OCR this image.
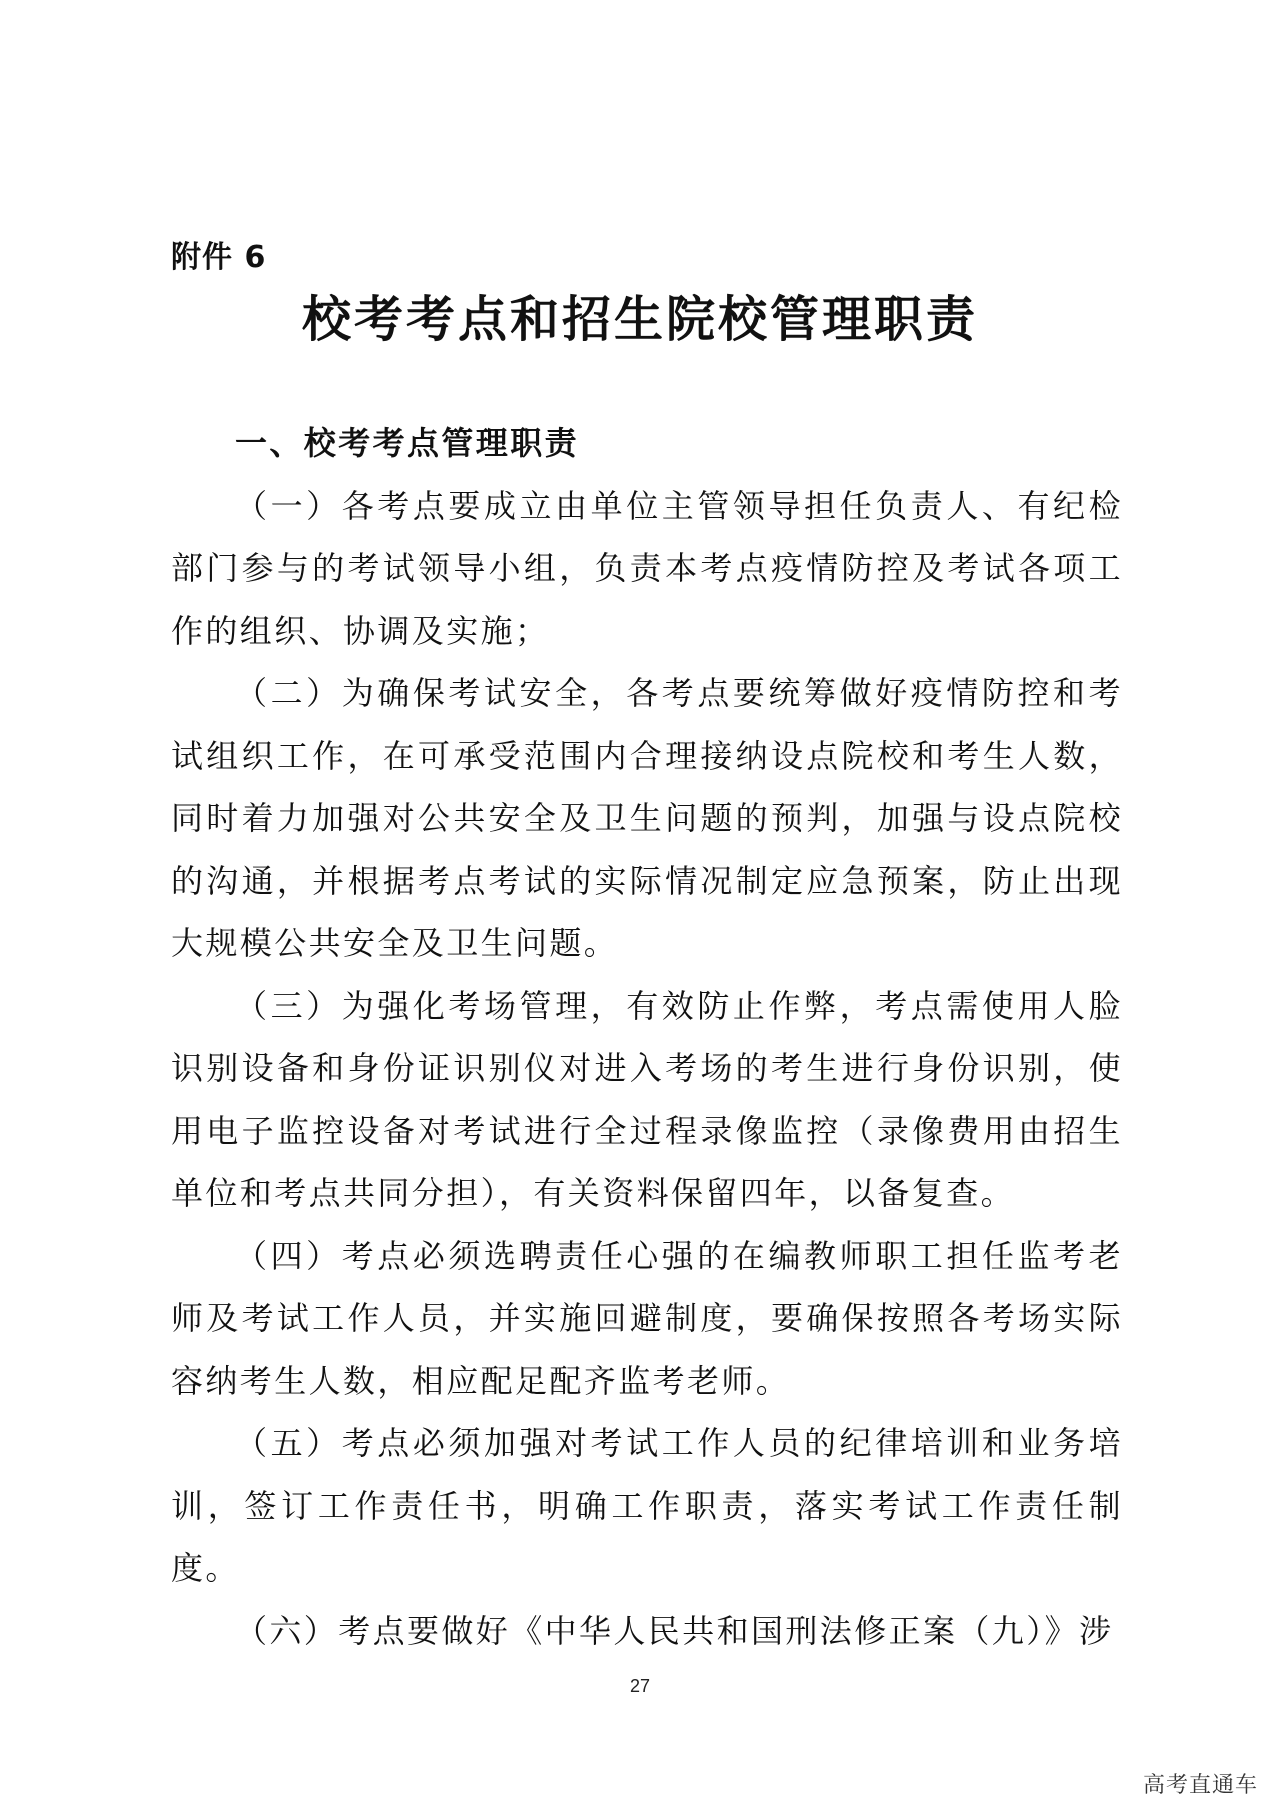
附件 6
校考考点和招生院校管理职责

一、校考考点管理职责

（一）各考点要成立由单位主管领导担任负责人、有纪检部门参与的考试领导小组，负责本考点疫情防控及考试各项工作的组织、协调及实施；

（二）为确保考试安全，各考点要统筹做好疫情防控和考试组织工作，在可承受范围内合理接纳设点院校和考生人数，同时着力加强对公共安全及卫生问题的预判，加强与设点院校的沟通，并根据考点考试的实际情况制定应急预案，防止出现大规模公共安全及卫生问题。

（三）为强化考场管理，有效防止作弊，考点需使用人脸识别设备和身份证识别仪对进入考场的考生进行身份识别，使用电子监控设备对考试进行全过程录像监控（录像费用由招生单位和考点共同分担），有关资料保留四年，以备复查。

（四）考点必须选聘责任心强的在编教师职工担任监考老师及考试工作人员，并实施回避制度，要确保按照各考场实际容纳考生人数，相应配足配齐监考老师。

（五）考点必须加强对考试工作人员的纪律培训和业务培训，签订工作责任书，明确工作职责，落实考试工作责任制度。

（六）考点要做好《中华人民共和国刑法修正案（九）》涉

27
高考直通车
